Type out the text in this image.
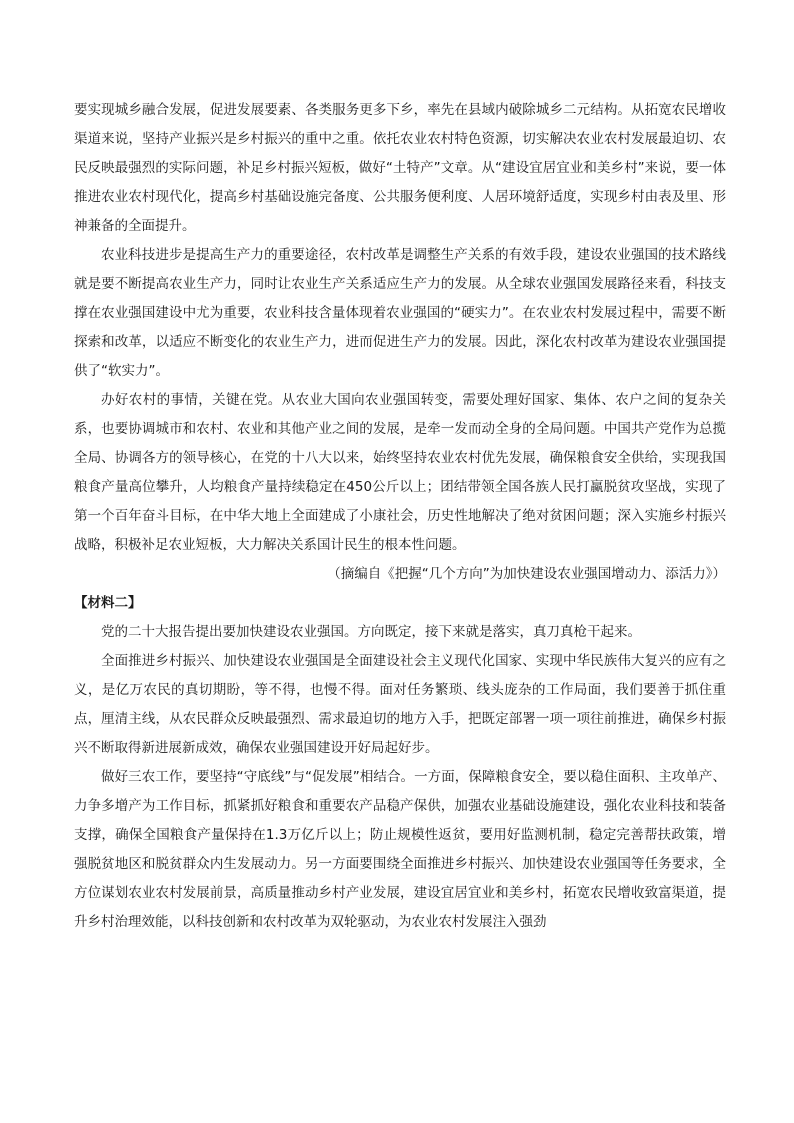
要实现城乡融合发展，促进发展要素、各类服务更多下乡，率先在县域内破除城乡二元结构。从拓宽农民增收渠道来说，坚持产业振兴是乡村振兴的重中之重。依托农业农村特色资源，切实解决农业农村发展最迫切、农民反映最强烈的实际问题，补足乡村振兴短板，做好“土特产”文章。从“建设宜居宜业和美乡村”来说，要一体推进农业农村现代化，提高乡村基础设施完备度、公共服务便利度、人居环境舒适度，实现乡村由表及里、形神兼备的全面提升。

农业科技进步是提高生产力的重要途径，农村改革是调整生产关系的有效手段，建设农业强国的技术路线就是要不断提高农业生产力，同时让农业生产关系适应生产力的发展。从全球农业强国发展路径来看，科技支撑在农业强国建设中尤为重要，农业科技含量体现着农业强国的“硬实力”。在农业农村发展过程中，需要不断探索和改革，以适应不断变化的农业生产力，进而促进生产力的发展。因此，深化农村改革为建设农业强国提供了“软实力”。

办好农村的事情，关键在党。从农业大国向农业强国转变，需要处理好国家、集体、农户之间的复杂关系，也要协调城市和农村、农业和其他产业之间的发展，是牵一发而动全身的全局问题。中国共产党作为总揽全局、协调各方的领导核心，在党的十八大以来，始终坚持农业农村优先发展，确保粮食安全供给，实现我国粮食产量高位攀升，人均粮食产量持续稳定在450公斤以上；团结带领全国各族人民打赢脱贫攻坚战，实现了第一个百年奋斗目标，在中华大地上全面建成了小康社会，历史性地解决了绝对贫困问题；深入实施乡村振兴战略，积极补足农业短板，大力解决关系国计民生的根本性问题。

（摘编自《把握“几个方向”为加快建设农业强国增动力、添活力》）

【材料二】

党的二十大报告提出要加快建设农业强国。方向既定，接下来就是落实，真刀真枪干起来。

全面推进乡村振兴、加快建设农业强国是全面建设社会主义现代化国家、实现中华民族伟大复兴的应有之义，是亿万农民的真切期盼，等不得，也慢不得。面对任务繁琐、线头庞杂的工作局面，我们要善于抓住重点，厘清主线，从农民群众反映最强烈、需求最迫切的地方入手，把既定部署一项一项往前推进，确保乡村振兴不断取得新进展新成效，确保农业强国建设开好局起好步。

做好三农工作，要坚持“守底线”与“促发展”相结合。一方面，保障粮食安全，要以稳住面积、主攻单产、力争多增产为工作目标，抓紧抓好粮食和重要农产品稳产保供，加强农业基础设施建设，强化农业科技和装备支撑，确保全国粮食产量保持在1.3万亿斤以上；防止规模性返贫，要用好监测机制，稳定完善帮扶政策，增强脱贫地区和脱贫群众内生发展动力。另一方面要围绕全面推进乡村振兴、加快建设农业强国等任务要求，全方位谋划农业农村发展前景，高质量推动乡村产业发展，建设宜居宜业和美乡村，拓宽农民增收致富渠道，提升乡村治理效能，以科技创新和农村改革为双轮驱动，为农业农村发展注入强劲
